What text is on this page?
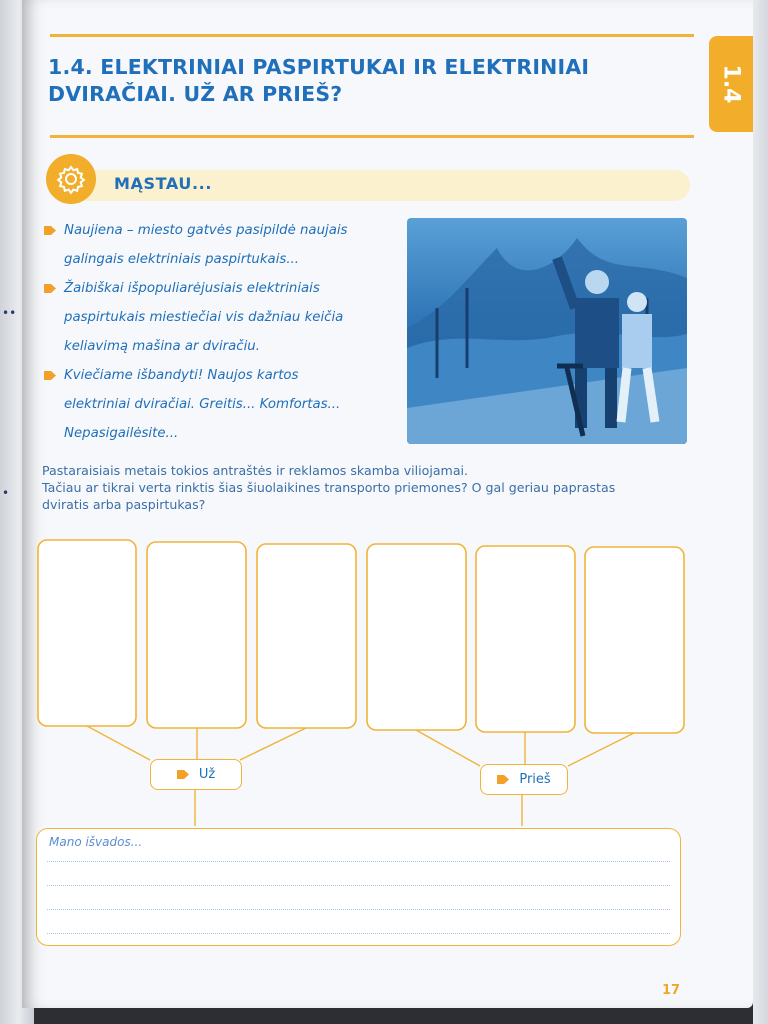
••
•
1.4. ELEKTRINIAI PASPIRTUKAI IR ELEKTRINIAI
DVIRAČIAI. UŽ AR PRIEŠ?	1.4
MĄSTAU...
Naujiena – miesto gatvės pasipildė naujais
galingais elektriniais paspirtukais...
Žaibiškai išpopuliarėjusiais elektriniais
paspirtukais miestiečiai vis dažniau keičia
keliavimą mašina ar dviračiu.
Kviečiame išbandyti! Naujos kartos
elektriniai dviračiai. Greitis... Komfortas...
Nepasigailėsite...

Pastaraisiais metais tokios antraštės ir reklamos skamba viliojamai.
Tačiau ar tikrai verta rinktis šias šiuolaikines transporto priemones? O gal geriau paprastas
dviratis arba paspirtukas?

Už	Prieš
Mano išvados...
17
